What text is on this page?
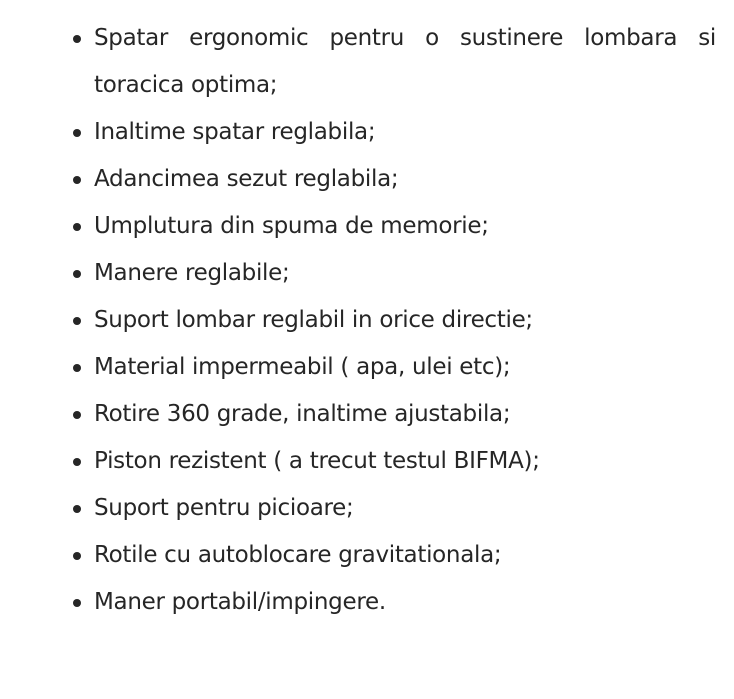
Spatar ergonomic pentru o sustinere lombara si toracica optima;
Inaltime spatar reglabila;
Adancimea sezut reglabila;
Umplutura din spuma de memorie;
Manere reglabile;
Suport lombar reglabil in orice directie;
Material impermeabil ( apa, ulei etc);
Rotire 360 grade, inaltime ajustabila;
Piston rezistent ( a trecut testul BIFMA);
Suport pentru picioare;
Rotile cu autoblocare gravitationala;
Maner portabil/impingere.
